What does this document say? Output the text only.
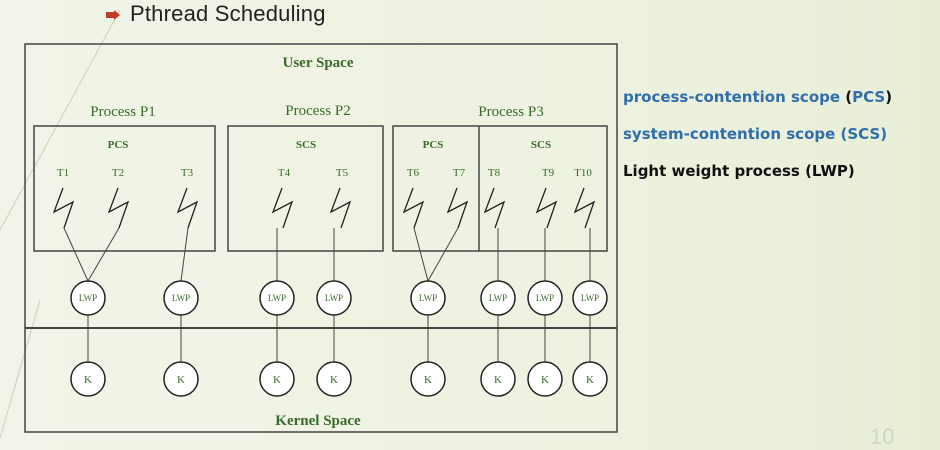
Pthread Scheduling
process-contention scope (PCS)
system-contention scope (SCS)
Light weight process (LWP)
10
User Space
Kernel Space
Process P1	Process P2	Process P3
PCS	SCS	PCS	SCS
T1	T2	T3	T4	T5	T6	T7 T8	T9 T10
LWP	LWP	LWP	LWP	LWP	LWP	LWP	LWP
K	K	K	K	K	K	K	K
